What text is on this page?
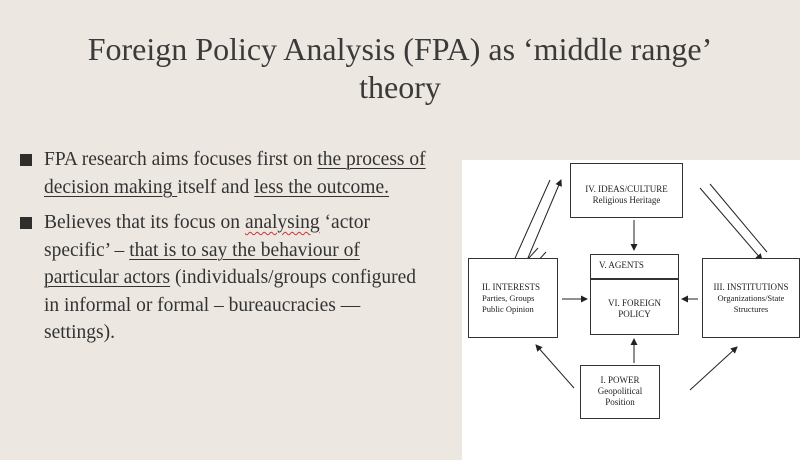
Foreign Policy Analysis (FPA) as ‘middle range’
theory
FPA research aims focuses first on the process of decision making itself and less the outcome.
Believes that its focus on analysing ‘actor specific’ – that is to say the behaviour of particular actors (individuals/groups configured in informal or formal – bureaucracies — settings).
IV. IDEAS/CULTURE
Religious Heritage
V. AGENTS
VI. FOREIGN
POLICY
II. INTERESTS
Parties, Groups
Public Opinion
III. INSTITUTIONS
Organizations/State
Structures
I. POWER
Geopolitical
Position
